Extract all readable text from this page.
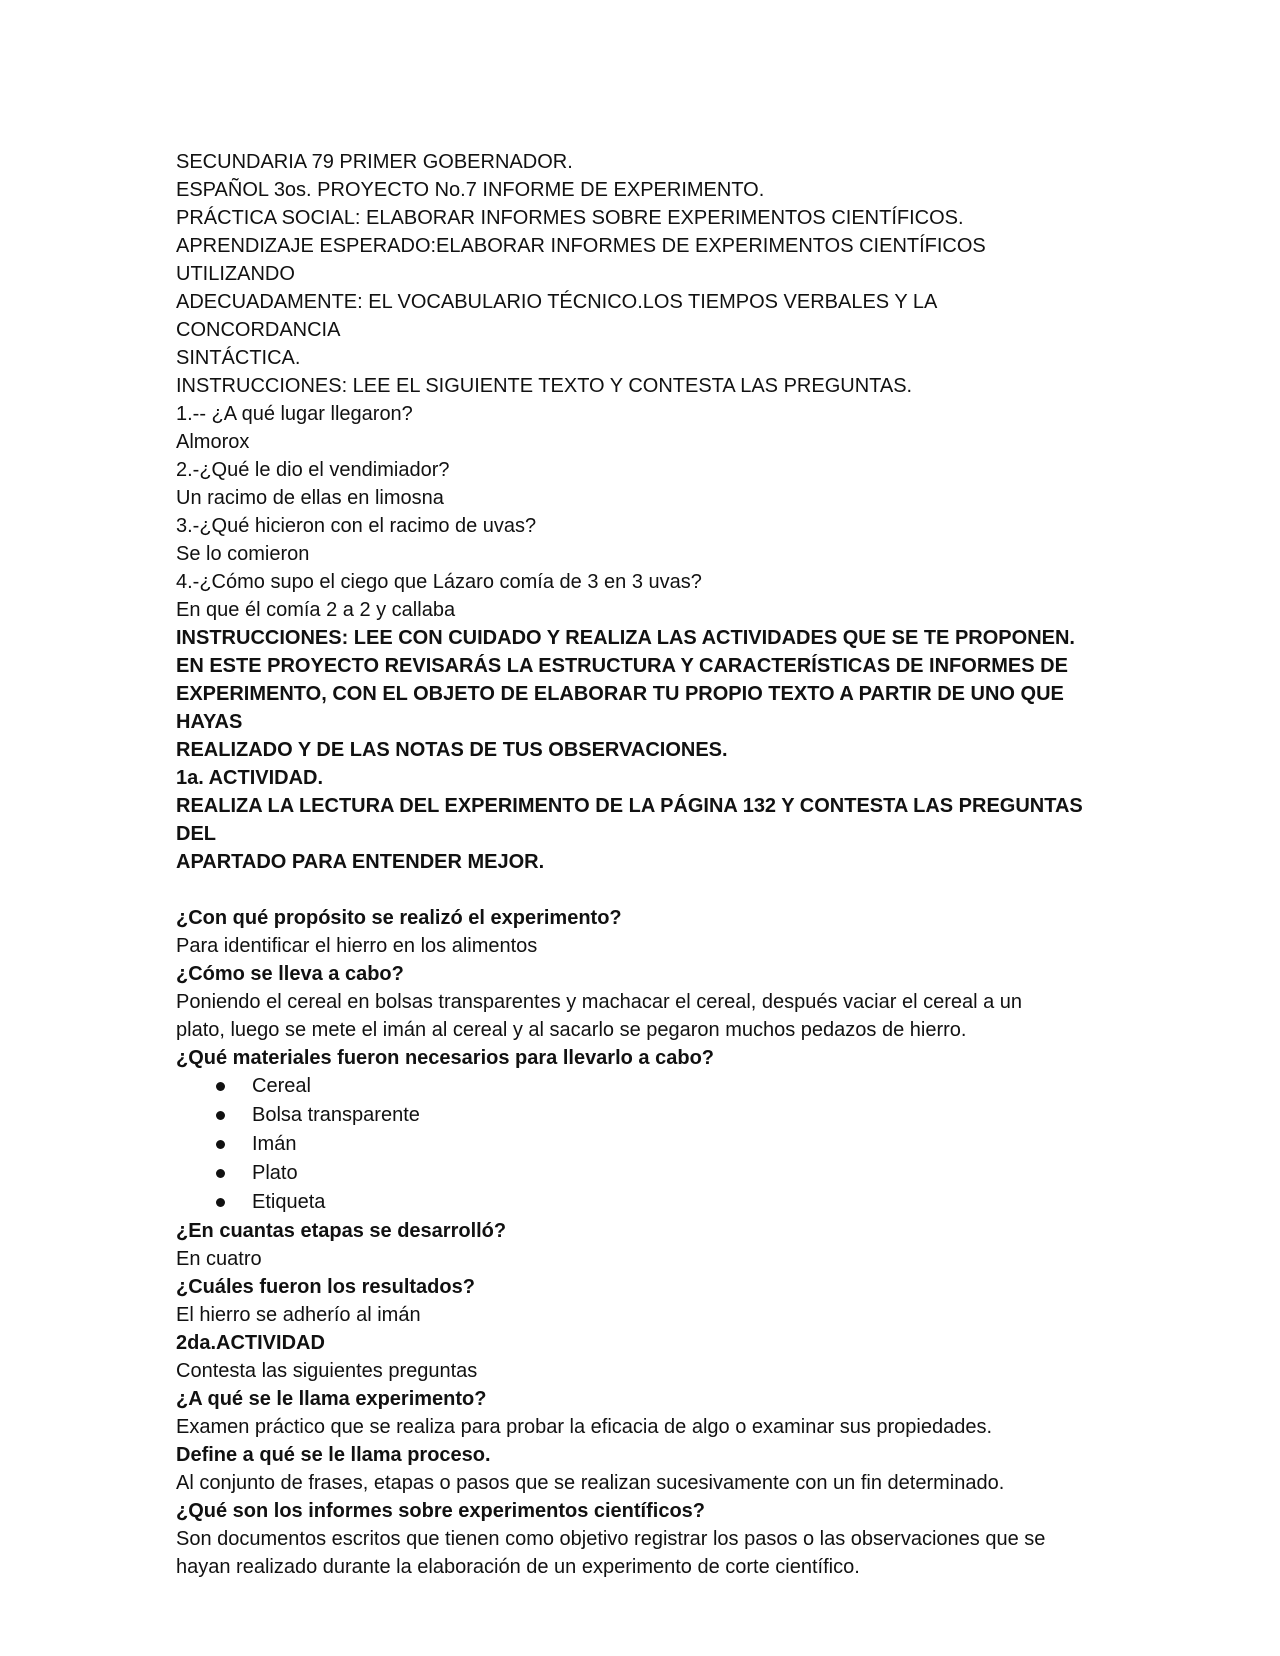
SECUNDARIA 79 PRIMER GOBERNADOR.

ESPAÑOL 3os. PROYECTO No.7 INFORME DE EXPERIMENTO.

PRÁCTICA SOCIAL: ELABORAR INFORMES SOBRE EXPERIMENTOS CIENTÍFICOS.

APRENDIZAJE ESPERADO:ELABORAR INFORMES DE EXPERIMENTOS CIENTÍFICOS UTILIZANDO

ADECUADAMENTE: EL VOCABULARIO TÉCNICO.LOS TIEMPOS VERBALES Y LA CONCORDANCIA

SINTÁCTICA.

INSTRUCCIONES: LEE EL SIGUIENTE TEXTO Y CONTESTA LAS PREGUNTAS.

1.-- ¿A qué lugar llegaron?

Almorox

2.-¿Qué le dio el vendimiador?

Un racimo de ellas en limosna

3.-¿Qué hicieron con el racimo de uvas?

Se lo comieron

4.-¿Cómo supo el ciego que Lázaro comía de 3 en 3 uvas?

En que él comía 2 a 2 y callaba

INSTRUCCIONES: LEE CON CUIDADO Y REALIZA LAS ACTIVIDADES QUE SE TE PROPONEN.

EN ESTE PROYECTO REVISARÁS LA ESTRUCTURA Y CARACTERÍSTICAS DE INFORMES DE

EXPERIMENTO, CON EL OBJETO DE ELABORAR TU PROPIO TEXTO A PARTIR DE UNO QUE HAYAS

REALIZADO Y DE LAS NOTAS DE TUS OBSERVACIONES.

1a. ACTIVIDAD.

REALIZA LA LECTURA DEL EXPERIMENTO DE LA PÁGINA 132 Y CONTESTA LAS PREGUNTAS DEL

APARTADO PARA ENTENDER MEJOR.

¿Con qué propósito se realizó el experimento?

Para identificar el hierro en los alimentos

¿Cómo se lleva a cabo?

Poniendo el cereal en bolsas transparentes y machacar el cereal, después vaciar el cereal a un

plato, luego se mete el imán al cereal y al sacarlo se pegaron muchos pedazos de hierro.

¿Qué materiales fueron necesarios para llevarlo a cabo?

Cereal
Bolsa transparente
Imán
Plato
Etiqueta

¿En cuantas etapas se desarrolló?

En cuatro

¿Cuáles fueron los resultados?

El hierro se adherío al imán

2da.ACTIVIDAD

Contesta las siguientes preguntas

¿A qué se le llama experimento?

Examen práctico que se realiza para probar la eficacia de algo o examinar sus propiedades.

Define a qué se le llama proceso.

Al conjunto de frases, etapas o pasos que se realizan sucesivamente con un fin determinado.

¿Qué son los informes sobre experimentos científicos?

Son documentos escritos que tienen como objetivo registrar los pasos o las observaciones que se

hayan realizado durante la elaboración de un experimento de corte científico.
